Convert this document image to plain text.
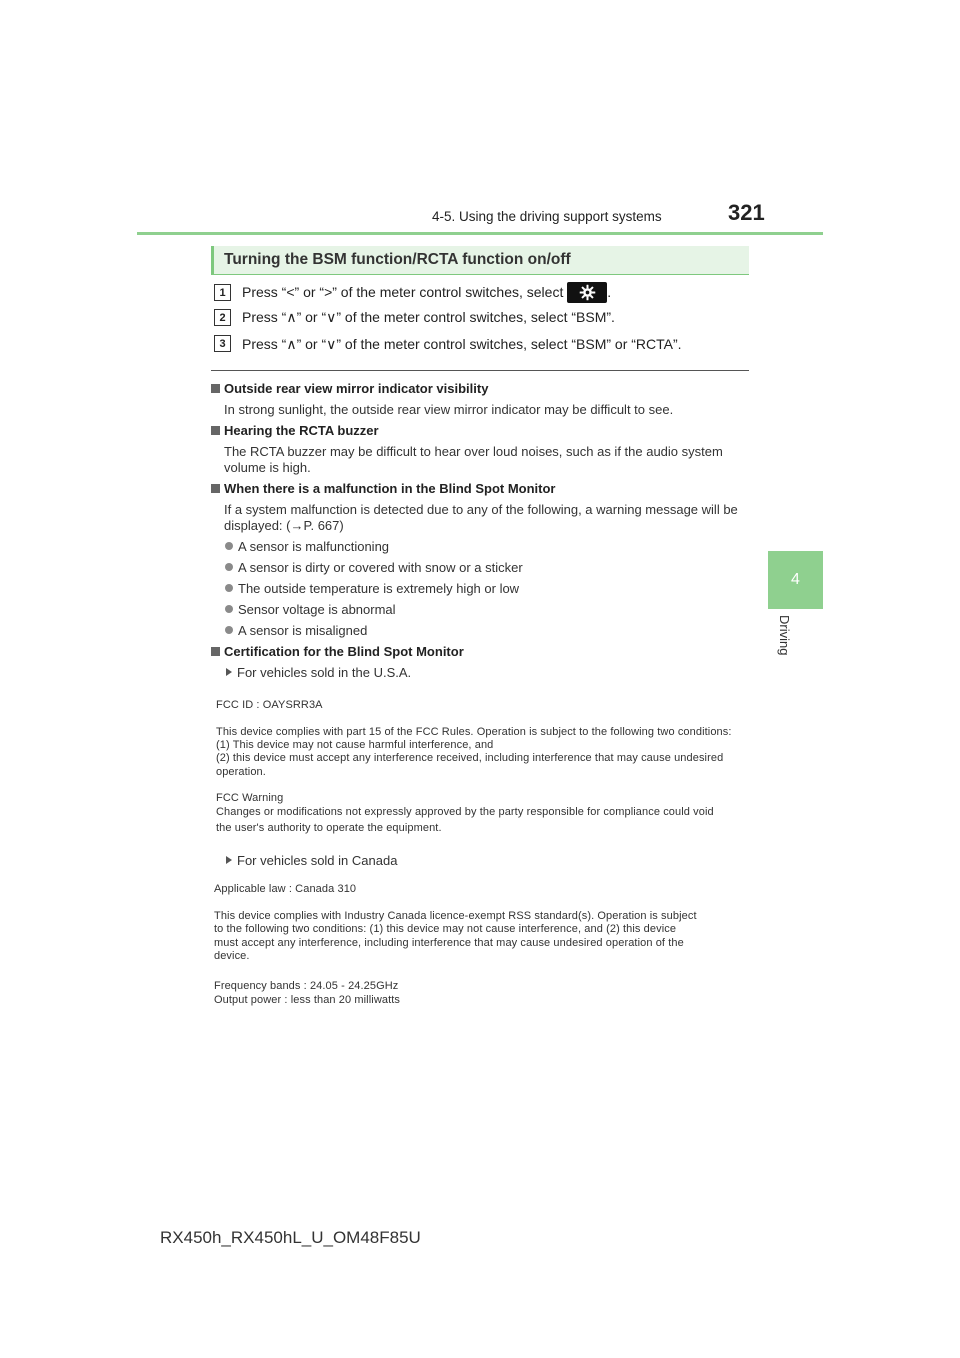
4-5. Using the driving support systems	321
4
Driving
Turning the BSM function/RCTA function on/off
1	Press “<” or “>” of the meter control switches, select	.
2	Press “∧” or “∨” of the meter control switches, select “BSM”.
3	Press “∧” or “∨” of the meter control switches, select “BSM” or “RCTA”.
Outside rear view mirror indicator visibility
In strong sunlight, the outside rear view mirror indicator may be difficult to see.
Hearing the RCTA buzzer
The RCTA buzzer may be difficult to hear over loud noises, such as if the audio system
volume is high.
When there is a malfunction in the Blind Spot Monitor
If a system malfunction is detected due to any of the following, a warning message will be
displayed: (→P. 667)
A sensor is malfunctioning
A sensor is dirty or covered with snow or a sticker
The outside temperature is extremely high or low
Sensor voltage is abnormal
A sensor is misaligned
Certification for the Blind Spot Monitor
For vehicles sold in the U.S.A.
FCC ID : OAYSRR3A
This device complies with part 15 of the FCC Rules. Operation is subject to the following two conditions:
(1) This device may not cause harmful interference, and
(2) this device must accept any interference received, including interference that may cause undesired
operation.
FCC Warning
Changes or modifications not expressly approved by the party responsible for compliance could void
the user's authority to operate the equipment.
For vehicles sold in Canada
Applicable law : Canada 310
This device complies with Industry Canada licence-exempt RSS standard(s). Operation is subject
to the following two conditions: (1) this device may not cause interference, and (2) this device
must accept any interference, including interference that may cause undesired operation of the
device.
Frequency bands : 24.05 - 24.25GHz
Output power : less than 20 milliwatts
RX450h_RX450hL_U_OM48F85U
